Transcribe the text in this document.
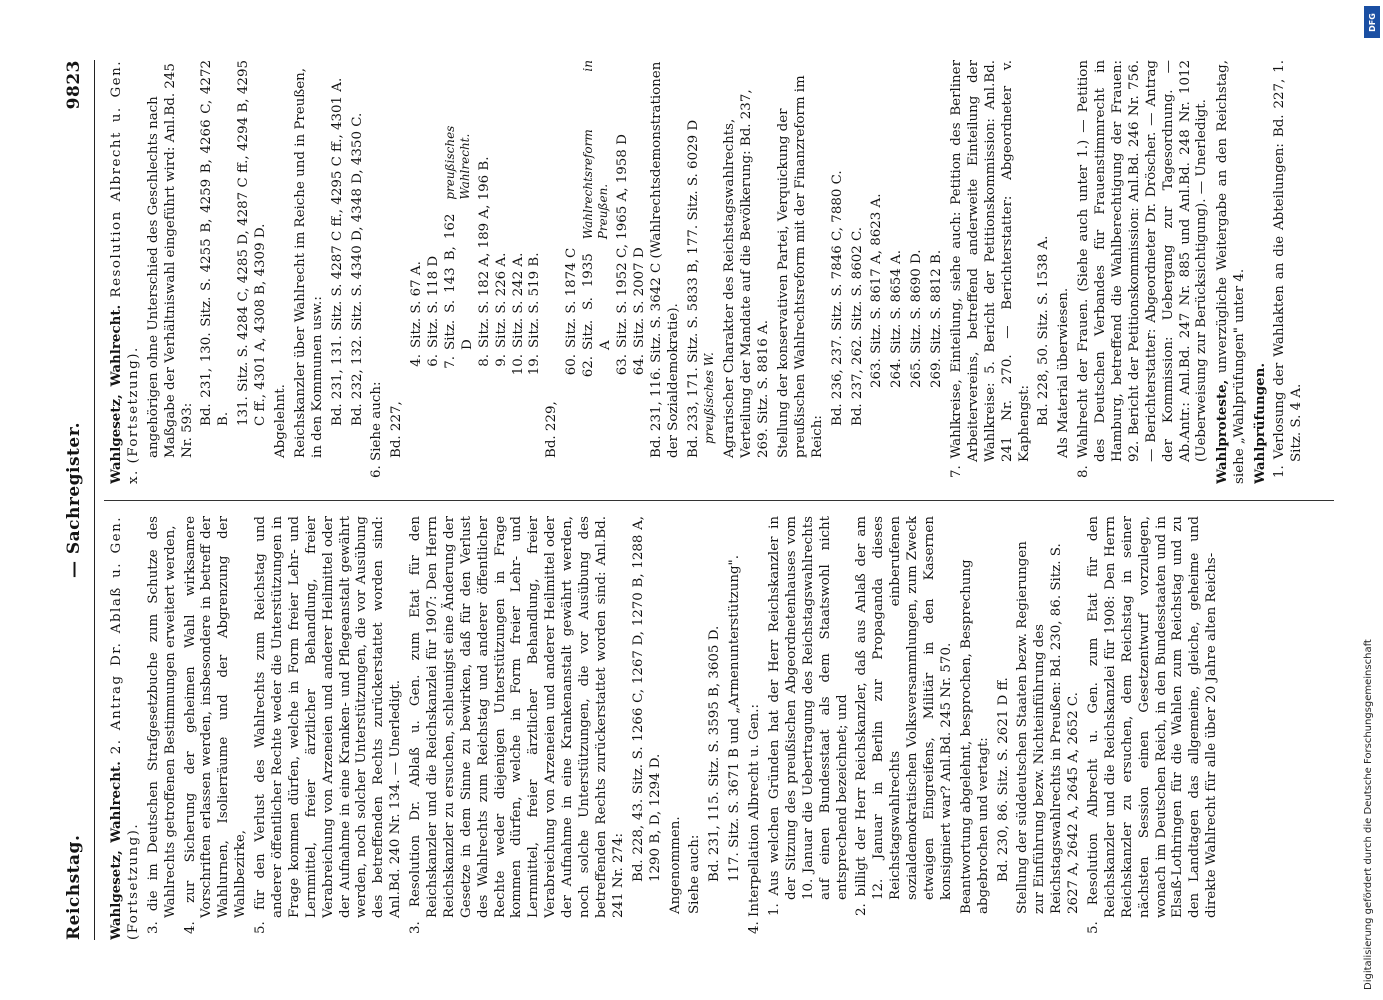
Reichstag.
— Sachregister.
9823

Wahlgesetz, Wahlrecht. 2. Antrag Dr. Ablaß u. Gen. (Fortsetzung). 3. die im Deutschen Strafgesetzbuche zum Schutze des Wahlrechts getroffenen Bestimmungen erweitert werden, 4. zur Sicherung der geheimen Wahl wirksamere Vorschriften erlassen werden, insbesondere in betreff der Wahlurnen, Isolierräume und der Abgrenzung der Wahlbezirke, 5. für den Verlust des Wahlrechts zum Reichstag und anderer öffentlicher Rechte weder die Unterstützungen in Frage kommen dürfen, welche in Form freier Lehr- und Lernmittel, freier ärztlicher Behandlung, freier Verabreichung von Arzeneien und anderer Heilmittel oder der Aufnahme in eine Kranken- und Pflegeanstalt gewährt werden, noch solcher Unterstützungen, die vor Ausübung des betreffenden Rechts zurückerstattet worden sind: Anl.Bd. 240 Nr. 134. — Unerledigt. 3. Resolution Dr. Ablaß u. Gen. zum Etat für den Reichskanzler und die Reichskanzlei für 1907: Den Herrn Reichskanzler zu ersuchen, schleunigst eine Änderung der Gesetze in dem Sinne zu bewirken, daß für den Verlust des Wahlrechts zum Reichstag und anderer öffentlicher Rechte weder diejenigen Unterstützungen in Frage kommen dürfen, welche in Form freier Lehr- und Lernmittel, freier ärztlicher Behandlung, freier Verabreichung von Arzeneien und anderer Heilmittel oder der Aufnahme in eine Krankenanstalt gewährt werden, noch solche Unterstützungen, die vor Ausübung des betreffenden Rechts zurückerstattet worden sind: Anl.Bd. 241 Nr. 274: Bd. 228, 43. Sitz. S. 1266 C, 1267 D, 1270 B, 1288 A, 1290 B, D, 1294 D. Angenommen. Siehe auch: Bd. 231, 115. Sitz. S. 3595 B, 3605 D. 117. Sitz. S. 3671 B und „Armenunterstützung". 4. Interpellation Albrecht u. Gen.: 1. Aus welchen Gründen hat der Herr Reichskanzler in der Sitzung des preußischen Abgeordnetenhauses vom 10. Januar die Uebertragung des Reichstagswahlrechts auf einen Bundesstaat als dem Staatswohl nicht entsprechend bezeichnet; und 2. billigt der Herr Reichskanzler, daß aus Anlaß der am 12. Januar in Berlin zur Propaganda dieses Reichstagswahlrechts einberufenen sozialdemokratischen Volksversammlungen, zum Zweck etwaigen Eingreifens, Militär in den Kasernen konsigniert war? Anl.Bd. 245 Nr. 570. Beantwortung abgelehnt, besprochen, Besprechung abgebrochen und vertagt: Bd. 230, 86. Sitz. S. 2621 D ff. Stellung der süddeutschen Staaten bezw. Regierungen zur Einführung bezw. Nichteinführung des Reichstagswahlrechts in Preußen: Bd. 230, 86. Sitz. S. 2627 A, 2642 A, 2645 A, 2652 C. 5. Resolution Albrecht u. Gen. zum Etat für den Reichskanzler und die Reichskanzlei für 1908: Den Herrn Reichskanzler zu ersuchen, dem Reichstag in seiner nächsten Session einen Gesetzentwurf vorzulegen, wonach im Deutschen Reich, in den Bundesstaaten und in Elsaß-Lothringen für die Wahlen zum Reichstag und zu den Landtagen das allgemeine, gleiche, geheime und direkte Wahlrecht für alle über 20 Jahre alten Reichs-

Wahlgesetz, Wahlrecht. Resolution Albrecht u. Gen. x. (Fortsetzung). angehörigen ohne Unterschied des Geschlechts nach Maßgabe der Verhältniswahl eingeführt wird: Anl.Bd. 245 Nr. 593:

Bd. 231, 130. Sitz. S. 4255 B, 4259 B, 4266 C, 4272 B. 131. Sitz. S. 4284 C, 4285 D, 4287 C ff., 4294 B, 4295 C ff., 4301 A, 4308 B, 4309 D. Abgelehnt. Reichskanzler über Wahlrecht im Reiche und in Preußen, in den Kommunen usw.: Bd. 231, 131. Sitz. S. 4287 C ff., 4295 C ff., 4301 A. Bd. 232, 132. Sitz. S. 4340 D, 4348 D, 4350 C.

6. Siehe auch: Bd. 227,

4.
Sitz. S. 67 A.

6.
Sitz. S. 118 D

7.
Sitz. S. 143 B, 162 D
preußisches Wahlrecht.

8.
Sitz. S. 182 A, 189 A, 196 B.

9.
Sitz. S. 226 A.

10.
Sitz. S. 242 A.

19.
Sitz. S. 519 B.

Bd. 229,

60.
Sitz. S. 1874 C

62.
Sitz. S. 1935 A
Wahlrechtsreform in Preußen.

63.
Sitz. S. 1952 C, 1965 A, 1958 D

64.
Sitz. S. 2007 D Bd. 231, 116. Sitz. S. 3642 C (Wahlrechtsdemonstrationen der Sozialdemokratie). Bd. 233, 171. Sitz. S. 5833 B, 177. Sitz. S. 6029 D preußisches W. Agrarischer Charakter des Reichstagswahlrechts, Verteilung der Mandate auf die Bevölkerung: Bd. 237, 269. Sitz. S. 8816 A. Stellung der konservativen Partei, Verquickung der preußischen Wahlrechtsreform mit der Finanzreform im Reich:

Bd. 236, 237. Sitz. S. 7846 C, 7880 C. Bd. 237, 262. Sitz. S. 8602 C. 263. Sitz. S. 8617 A, 8623 A. 264. Sitz. S. 8654 A. 265. Sitz. S. 8690 D. 269. Sitz. S. 8812 B. 7. Wahlkreise, Einteilung, siehe auch: Petition des Berliner Arbeitervereins, betreffend anderweite Einteilung der Wahlkreise: 5. Bericht der Petitionskommission: Anl.Bd. 241 Nr. 270. — Berichterstatter: Abgeordneter v. Kaphengst: Bd. 228, 50. Sitz. S. 1538 A. Als Material überwiesen. 8. Wahlrecht der Frauen. (Siehe auch unter 1.) — Petition des Deutschen Verbandes für Frauenstimmrecht in Hamburg, betreffend die Wahlberechtigung der Frauen: 92. Bericht der Petitionskommission: Anl.Bd. 246 Nr. 756. — Berichterstatter: Abgeordneter Dr. Dröscher. — Antrag der Kommission: Uebergang zur Tagesordnung. — Ab.Antr.: Anl.Bd. 247 Nr. 885 und Anl.Bd. 248 Nr. 1012 (Ueberweisung zur Berücksichtigung). — Unerledigt. Wahlproteste, unverzügliche Weitergabe an den Reichstag, siehe „Wahlprüfungen" unter 4. Wahlprüfungen. 1. Verlosung der Wahlakten an die Abteilungen: Bd. 227, 1. Sitz. S. 4 A.

Digitalisierung gefördert durch die Deutsche Forschungsgemeinschaft
DFG
